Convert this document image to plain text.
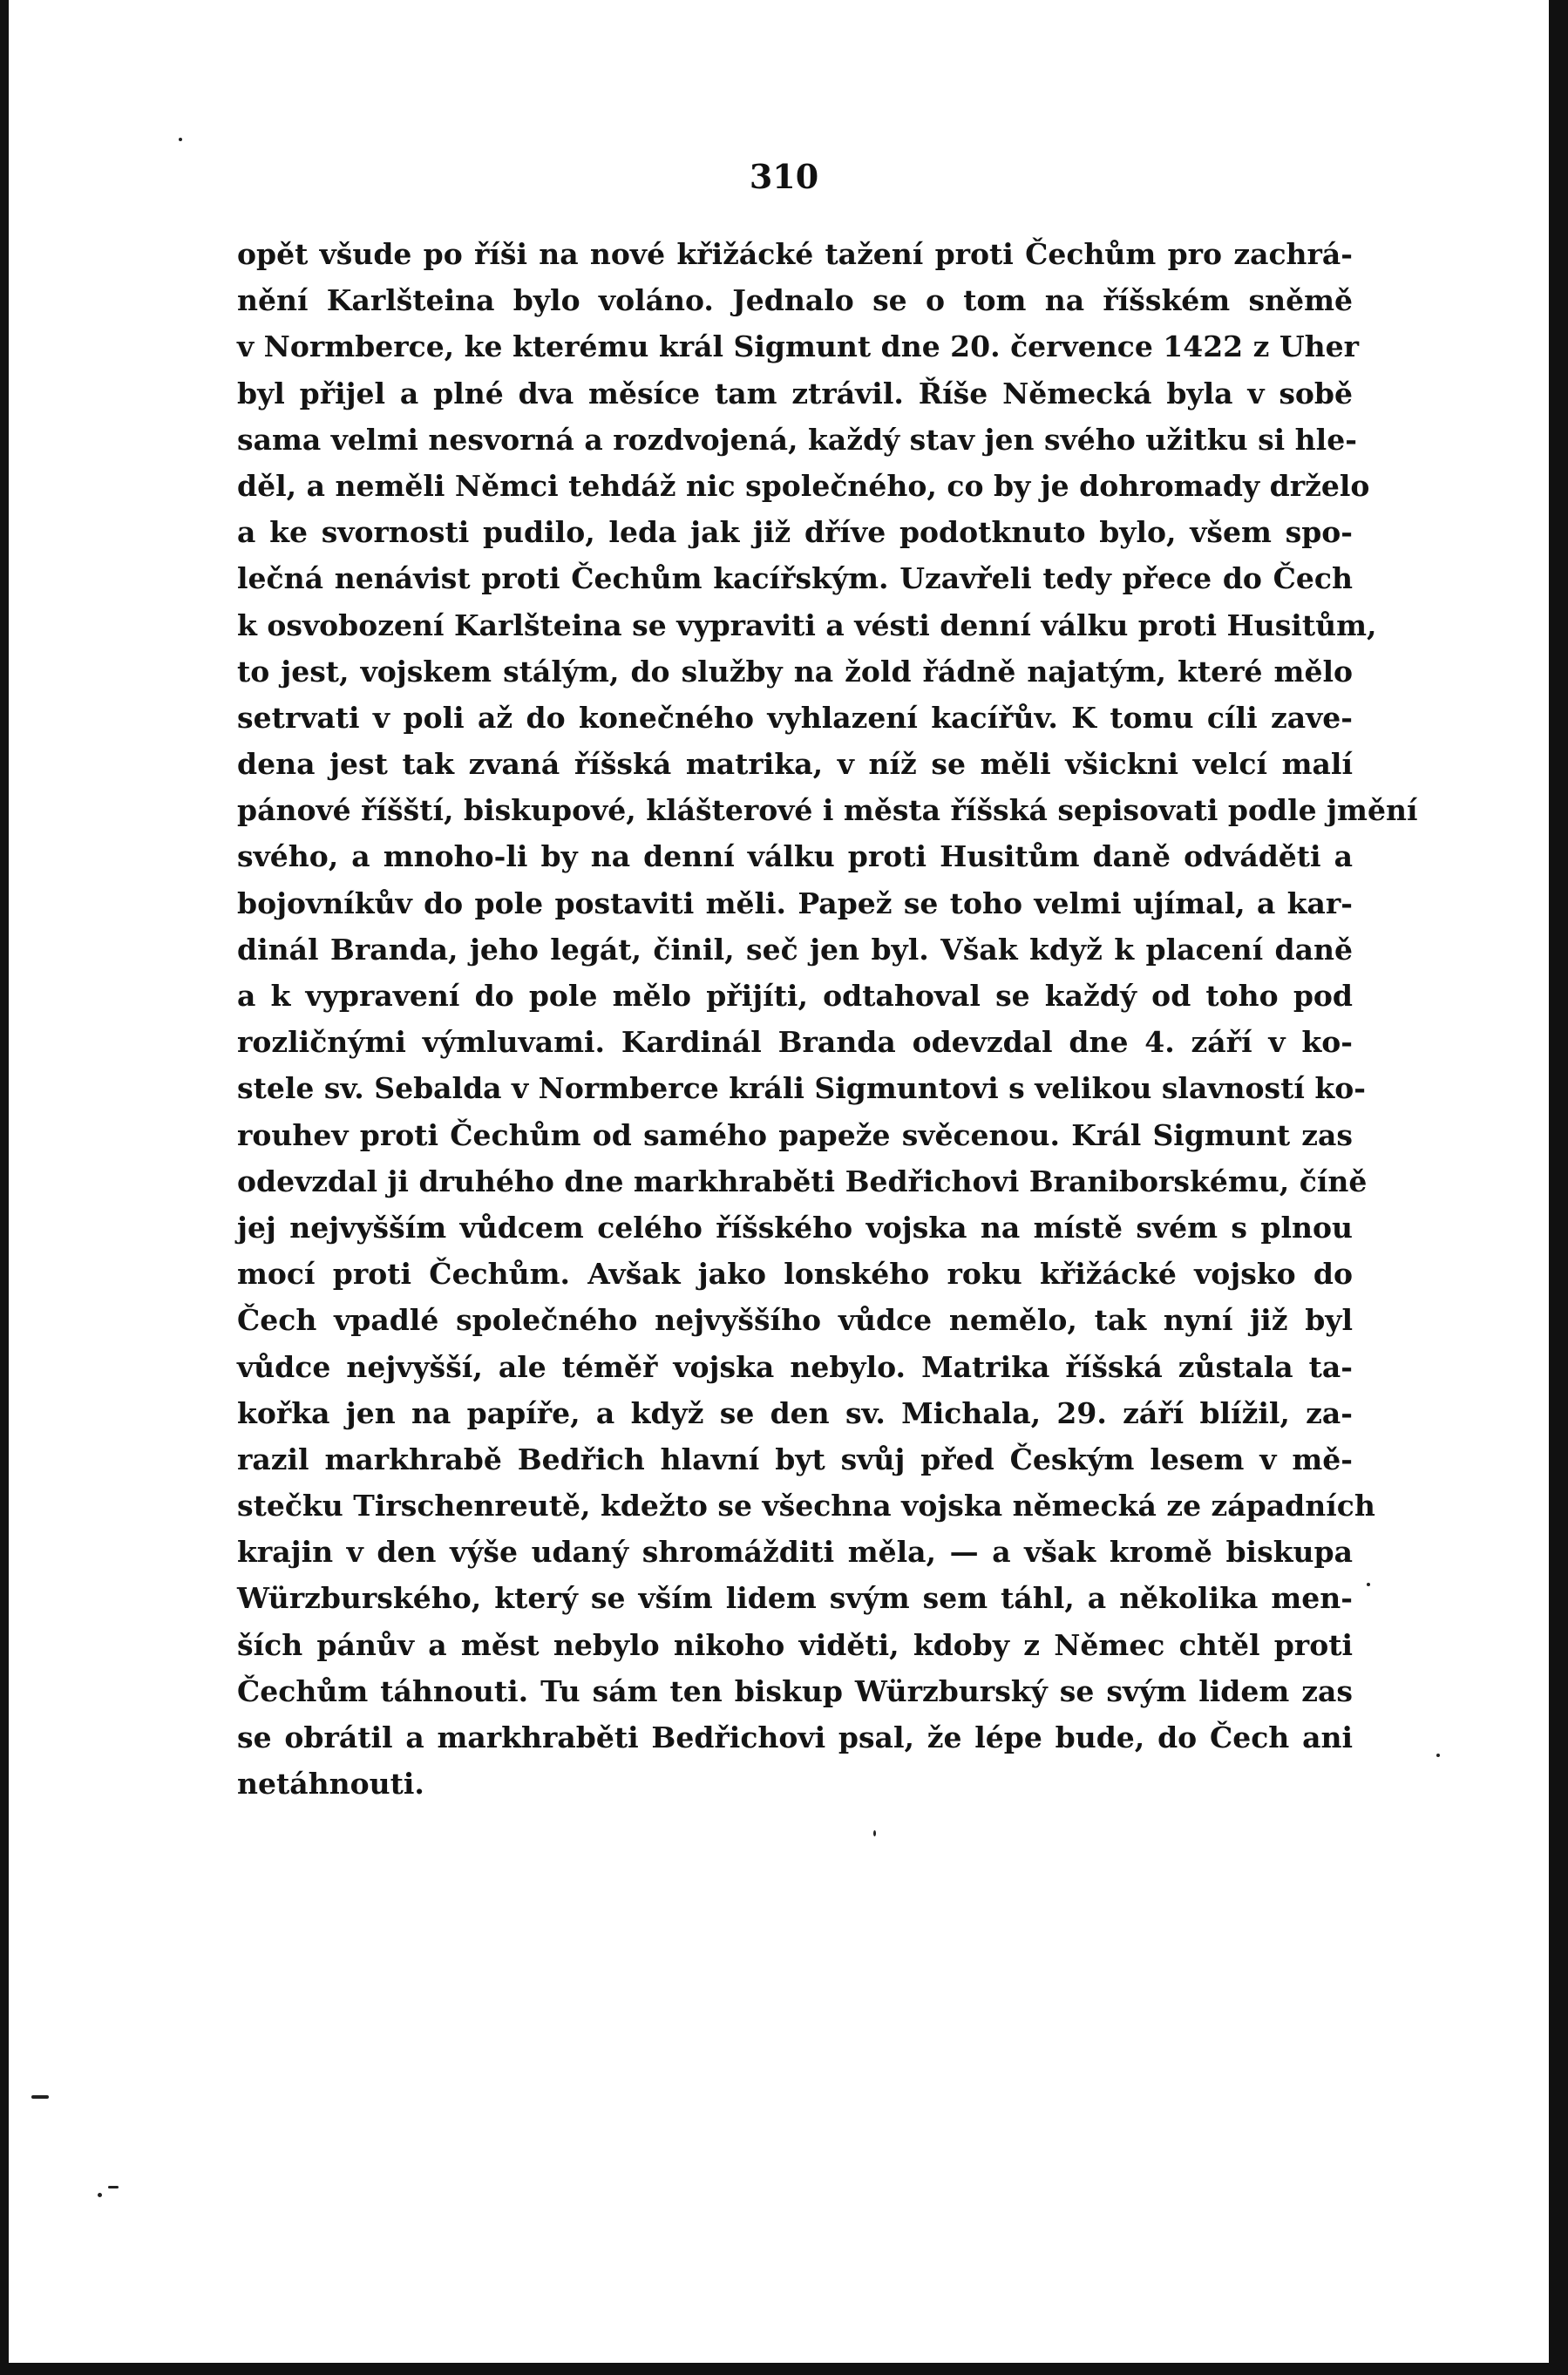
310
opět všude po říši na nové křižácké tažení proti Čechům pro zachrá-
nění Karlšteina bylo voláno. Jednalo se o tom na říšském sněmě
v Normberce, ke kterému král Sigmunt dne 20. července 1422 z Uher
byl přijel a plné dva měsíce tam ztrávil. Říše Německá byla v sobě
sama velmi nesvorná a rozdvojená, každý stav jen svého užitku si hle-
děl, a neměli Němci tehdáž nic společného, co by je dohromady drželo
a ke svornosti pudilo, leda jak již dříve podotknuto bylo, všem spo-
lečná nenávist proti Čechům kacířským. Uzavřeli tedy přece do Čech
k osvobození Karlšteina se vypraviti a vésti denní válku proti Husitům,
to jest, vojskem stálým, do služby na žold řádně najatým, které mělo
setrvati v poli až do konečného vyhlazení kacířův. K tomu cíli zave-
dena jest tak zvaná říšská matrika, v níž se měli všickni velcí malí
pánové říšští, biskupové, klášterové i města říšská sepisovati podle jmění
svého, a mnoho-li by na denní válku proti Husitům daně odváděti a
bojovníkův do pole postaviti měli. Papež se toho velmi ujímal, a kar-
dinál Branda, jeho legát, činil, seč jen byl. Však když k placení daně
a k vypravení do pole mělo přijíti, odtahoval se každý od toho pod
rozličnými výmluvami. Kardinál Branda odevzdal dne 4. září v ko-
stele sv. Sebalda v Normberce králi Sigmuntovi s velikou slavností ko-
rouhev proti Čechům od samého papeže svěcenou. Král Sigmunt zas
odevzdal ji druhého dne markhraběti Bedřichovi Braniborskému, číně
jej nejvyšším vůdcem celého říšského vojska na místě svém s plnou
mocí proti Čechům. Avšak jako lonského roku křižácké vojsko do
Čech vpadlé společného nejvyššího vůdce nemělo, tak nyní již byl
vůdce nejvyšší, ale téměř vojska nebylo. Matrika říšská zůstala ta-
kořka jen na papíře, a když se den sv. Michala, 29. září blížil, za-
razil markhrabě Bedřich hlavní byt svůj před Českým lesem v mě-
stečku Tirschenreutě, kdežto se všechna vojska německá ze západních
krajin v den výše udaný shromážditi měla, — a však kromě biskupa
Würzburského, který se vším lidem svým sem táhl, a několika men-
ších pánův a měst nebylo nikoho viděti, kdoby z Němec chtěl proti
Čechům táhnouti. Tu sám ten biskup Würzburský se svým lidem zas
se obrátil a markhraběti Bedřichovi psal, že lépe bude, do Čech ani
netáhnouti.
